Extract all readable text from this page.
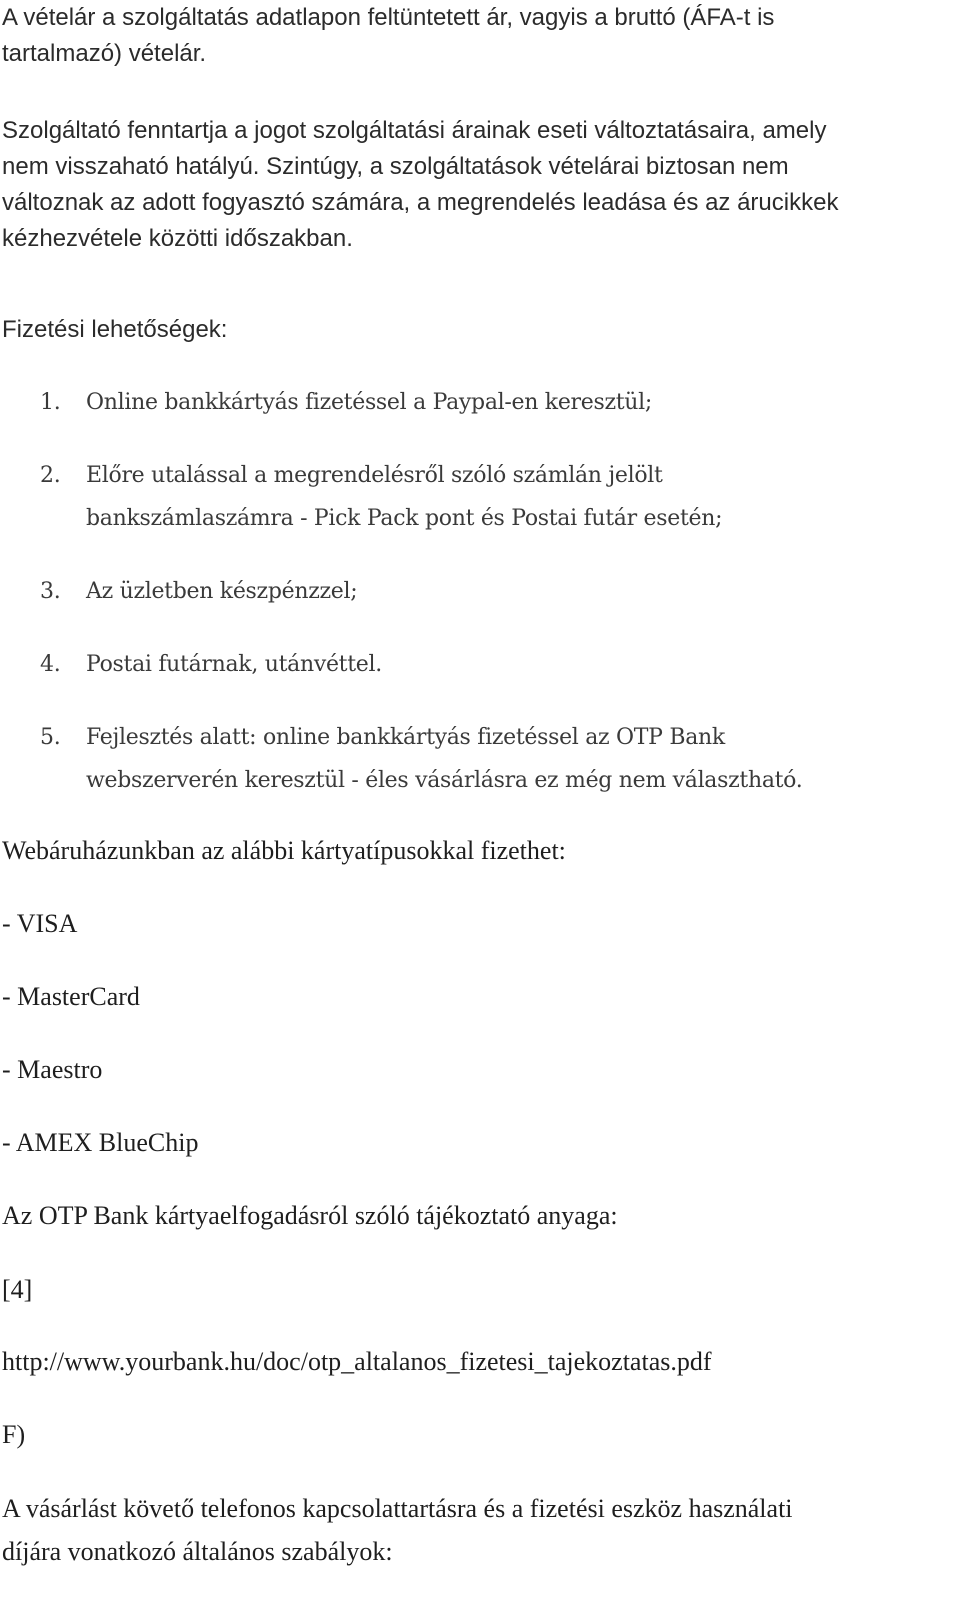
A vételár a szolgáltatás adatlapon feltüntetett ár, vagyis a bruttó (ÁFA-t is
tartalmazó) vételár.

Szolgáltató fenntartja a jogot szolgáltatási árainak eseti változtatásaira, amely
nem visszaható hatályú. Szintúgy, a szolgáltatások vételárai biztosan nem
változnak az adott fogyasztó számára, a megrendelés leadása és az árucikkek
kézhezvétele közötti időszakban.

Fizetési lehetőségek:

1.	Online bankkártyás fizetéssel a Paypal-en keresztül;
2.	Előre utalással a megrendelésről szóló számlán jelölt
bankszámlaszámra - Pick Pack pont és Postai futár esetén;
3.	Az üzletben készpénzzel;
4.	Postai futárnak, utánvéttel.
5.	Fejlesztés alatt: online bankkártyás fizetéssel az OTP Bank
webszerverén keresztül - éles vásárlásra ez még nem választható.

Webáruházunkban az alábbi kártyatípusokkal fizethet:

- VISA

- MasterCard

- Maestro

- AMEX BlueChip

Az OTP Bank kártyaelfogadásról szóló tájékoztató anyaga:

[4]

http://www.yourbank.hu/doc/otp_altalanos_fizetesi_tajekoztatas.pdf

F)

A vásárlást követő telefonos kapcsolattartásra és a fizetési eszköz használati
díjára vonatkozó általános szabályok:
